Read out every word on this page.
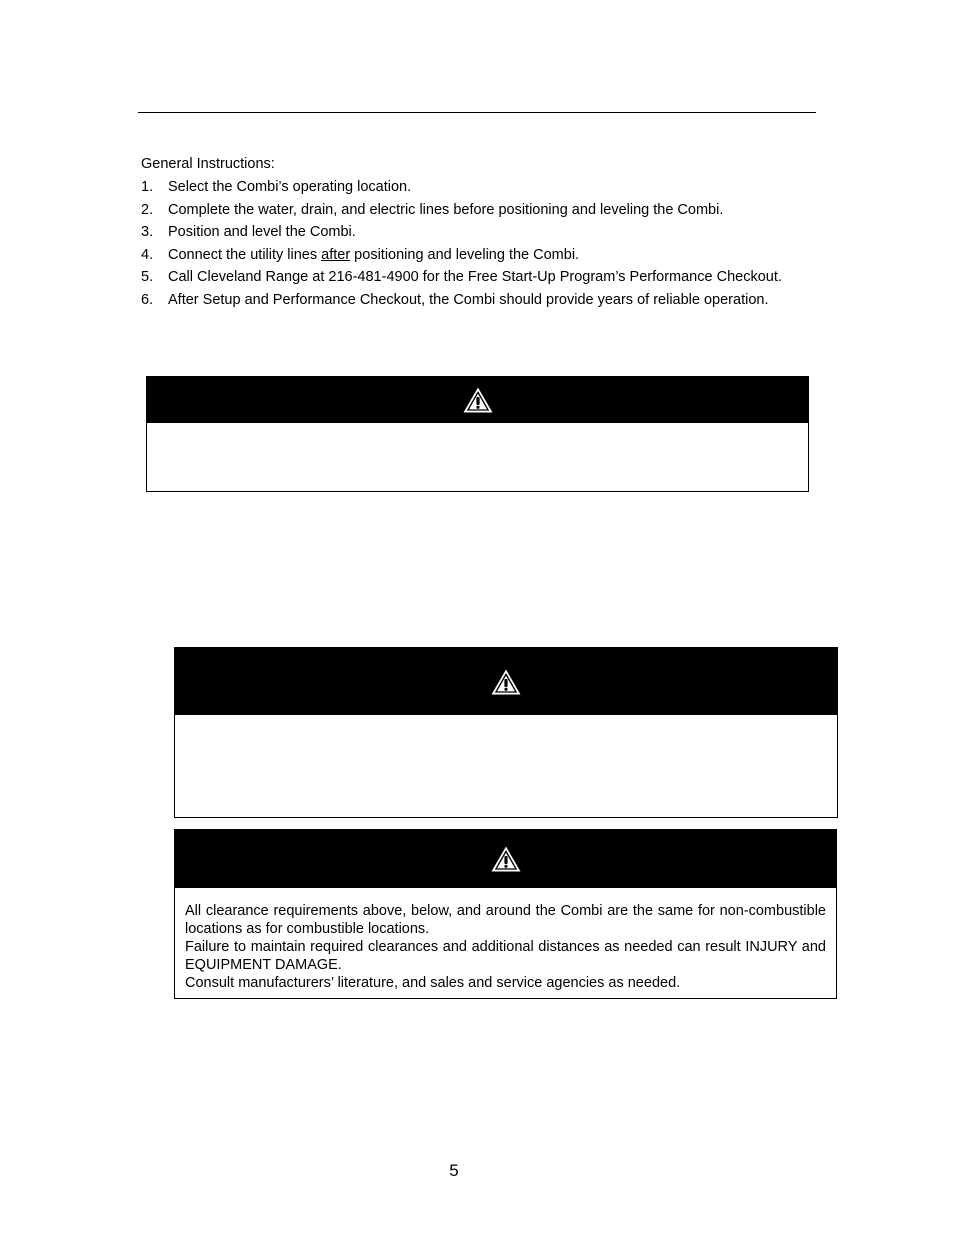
General Instructions:
1. Select the Combi’s operating location.
2. Complete the water, drain, and electric lines before positioning and leveling the Combi.
3. Position and level the Combi.
4. Connect the utility lines after positioning and leveling the Combi.
5. Call Cleveland Range at 216-481-4900 for the Free Start-Up Program’s Performance Checkout.
6. After Setup and Performance Checkout, the Combi should provide years of reliable operation.
All clearance requirements above, below, and around the Combi are the same for non-combustible locations as for combustible locations.
Failure to maintain required clearances and additional distances as needed can result INJURY and EQUIPMENT DAMAGE.
Consult manufacturers’ literature, and sales and service agencies as needed.
5
